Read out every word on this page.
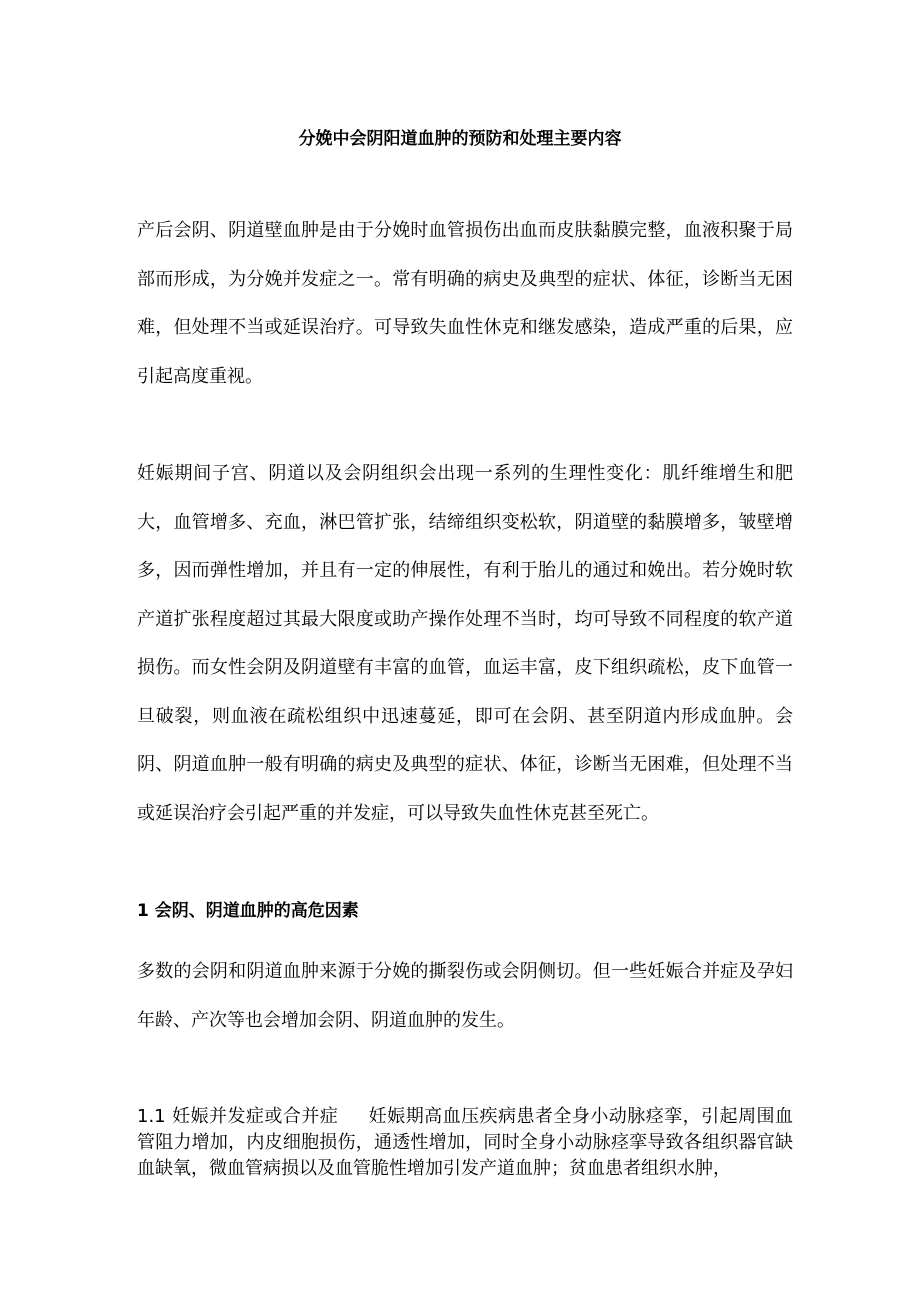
分娩中会阴阳道血肿的预防和处理主要内容

产后会阴、阴道壁血肿是由于分娩时血管损伤出血而皮肤黏膜完整，血液积聚于局部而形成，为分娩并发症之一。常有明确的病史及典型的症状、体征，诊断当无困难，但处理不当或延误治疗。可导致失血性休克和继发感染，造成严重的后果，应引起高度重视。

妊娠期间子宫、阴道以及会阴组织会出现一系列的生理性变化：肌纤维增生和肥大，血管增多、充血，淋巴管扩张，结缔组织变松软，阴道壁的黏膜增多，皱壁增多，因而弹性增加，并且有一定的伸展性，有利于胎儿的通过和娩出。若分娩时软产道扩张程度超过其最大限度或助产操作处理不当时，均可导致不同程度的软产道损伤。而女性会阴及阴道壁有丰富的血管，血运丰富，皮下组织疏松，皮下血管一旦破裂，则血液在疏松组织中迅速蔓延，即可在会阴、甚至阴道内形成血肿。会阴、阴道血肿一般有明确的病史及典型的症状、体征，诊断当无困难，但处理不当或延误治疗会引起严重的并发症，可以导致失血性休克甚至死亡。

1 会阴、阴道血肿的高危因素

多数的会阴和阴道血肿来源于分娩的撕裂伤或会阴侧切。但一些妊娠合并症及孕妇年龄、产次等也会增加会阴、阴道血肿的发生。

1.1 妊娠并发症或合并症 妊娠期高血压疾病患者全身小动脉痉挛，引起周围血管阻力增加，内皮细胞损伤，通透性增加，同时全身小动脉痉挛导致各组织器官缺血缺氧，微血管病损以及血管脆性增加引发产道血肿；贫血患者组织水肿，
